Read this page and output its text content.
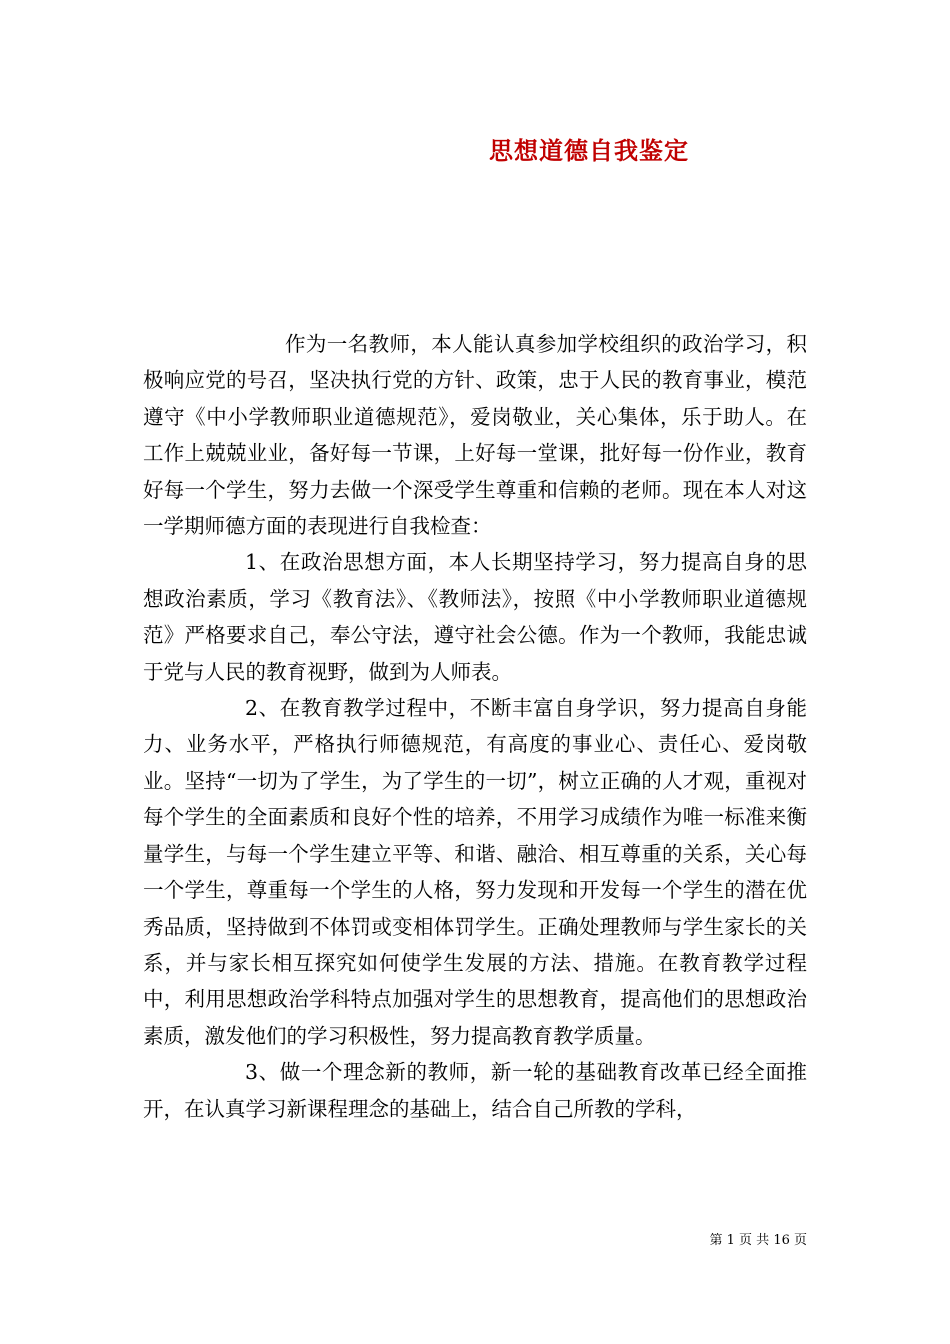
思想道德自我鉴定

作为一名教师，本人能认真参加学校组织的政治学习，积极响应党的号召，坚决执行党的方针、政策，忠于人民的教育事业，模范遵守《中小学教师职业道德规范》，爱岗敬业，关心集体，乐于助人。在工作上兢兢业业，备好每一节课，上好每一堂课，批好每一份作业，教育好每一个学生，努力去做一个深受学生尊重和信赖的老师。现在本人对这一学期师德方面的表现进行自我检查：

1、在政治思想方面，本人长期坚持学习，努力提高自身的思想政治素质，学习《教育法》、《教师法》，按照《中小学教师职业道德规范》严格要求自己，奉公守法，遵守社会公德。作为一个教师，我能忠诚于党与人民的教育视野，做到为人师表。

2、在教育教学过程中，不断丰富自身学识，努力提高自身能力、业务水平，严格执行师德规范，有高度的事业心、责任心、爱岗敬业。坚持“一切为了学生，为了学生的一切”，树立正确的人才观，重视对每个学生的全面素质和良好个性的培养，不用学习成绩作为唯一标准来衡量学生，与每一个学生建立平等、和谐、融洽、相互尊重的关系，关心每一个学生，尊重每一个学生的人格，努力发现和开发每一个学生的潜在优秀品质，坚持做到不体罚或变相体罚学生。正确处理教师与学生家长的关系，并与家长相互探究如何使学生发展的方法、措施。在教育教学过程中，利用思想政治学科特点加强对学生的思想教育，提高他们的思想政治素质，激发他们的学习积极性，努力提高教育教学质量。

3、做一个理念新的教师，新一轮的基础教育改革已经全面推开，在认真学习新课程理念的基础上，结合自己所教的学科，

第 1 页 共 16 页
